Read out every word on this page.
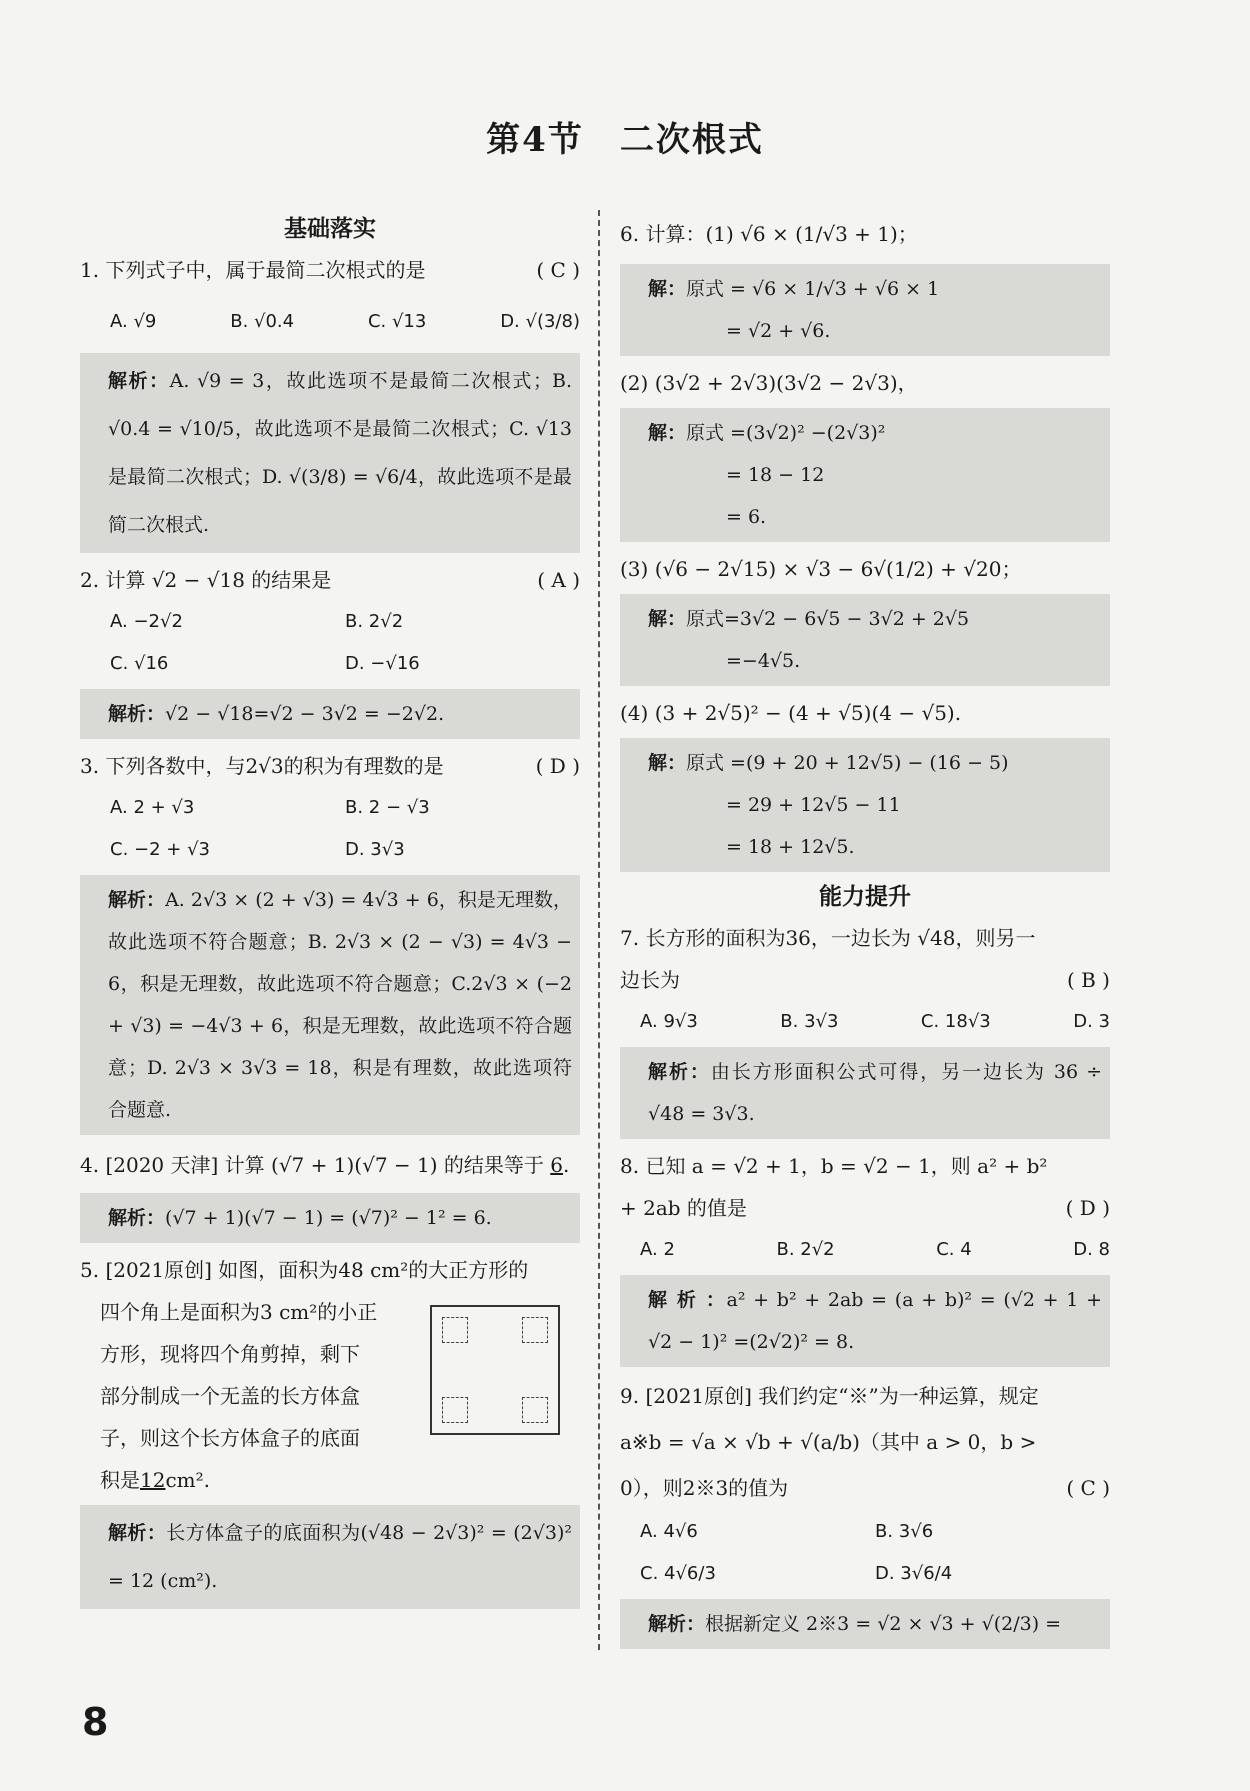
第4节　二次根式
基础落实
1. 下列式子中，属于最简二次根式的是	( C )
A. √9	B. √0.4	C. √13	D. √(3/8)
解析：A. √9 = 3，故此选项不是最简二次根式；B. √0.4 = √10/5，故此选项不是最简二次根式；C. √13 是最简二次根式；D. √(3/8) = √6/4，故此选项不是最简二次根式.
2. 计算 √2 − √18 的结果是	( A )
A. −2√2	B. 2√2
C. √16	D. −√16
解析：√2 − √18=√2 − 3√2 = −2√2.
3. 下列各数中，与2√3的积为有理数的是	( D )
A. 2 + √3	B. 2 − √3
C. −2 + √3	D. 3√3
解析：A. 2√3 × (2 + √3) = 4√3 + 6，积是无理数，故此选项不符合题意；B. 2√3 × (2 − √3) = 4√3 − 6，积是无理数，故此选项不符合题意；C.2√3 × (−2 + √3) = −4√3 + 6，积是无理数，故此选项不符合题意；D. 2√3 × 3√3 = 18，积是有理数，故此选项符合题意.
4. [2020 天津] 计算 (√7 + 1)(√7 − 1) 的结果等于 6.
解析：(√7 + 1)(√7 − 1) = (√7)² − 1² = 6.
5. [2021原创] 如图，面积为48 cm²的大正方形的
四个角上是面积为3 cm²的小正
方形，现将四个角剪掉，剩下
部分制成一个无盖的长方体盒
子，则这个长方体盒子的底面
积是12cm².
解析：长方体盒子的底面积为(√48 − 2√3)² = (2√3)² = 12 (cm²).
6. 计算：(1) √6 × (1/√3 + 1)；
解：原式 = √6 × 1/√3 + √6 × 1
= √2 + √6.
(2) (3√2 + 2√3)(3√2 − 2√3)，
解：原式 =(3√2)² −(2√3)²
= 18 − 12
= 6.
(3) (√6 − 2√15) × √3 − 6√(1/2) + √20；
解：原式=3√2 − 6√5 − 3√2 + 2√5
=−4√5.
(4) (3 + 2√5)² − (4 + √5)(4 − √5).
解：原式 =(9 + 20 + 12√5) − (16 − 5)
= 29 + 12√5 − 11
= 18 + 12√5.
能力提升
7. 长方形的面积为36，一边长为 √48，则另一边长为	( B )
A. 9√3	B. 3√3	C. 18√3	D. 3
解析：由长方形面积公式可得，另一边长为 36 ÷ √48 = 3√3.
8. 已知 a = √2 + 1，b = √2 − 1，则 a² + b² + 2ab 的值是	( D )
A. 2	B. 2√2	C. 4	D. 8
解 析 ：a² + b² + 2ab = (a + b)² = (√2 + 1 + √2 − 1)² =(2√2)² = 8.
9. [2021原创] 我们约定“※”为一种运算，规定 a※b = √a × √b + √(a/b)（其中 a > 0，b > 0），则2※3的值为	( C )
A. 4√6	B. 3√6
C. 4√6/3	D. 3√6/4
解析：根据新定义 2※3 = √2 × √3 + √(2/3) =
8
